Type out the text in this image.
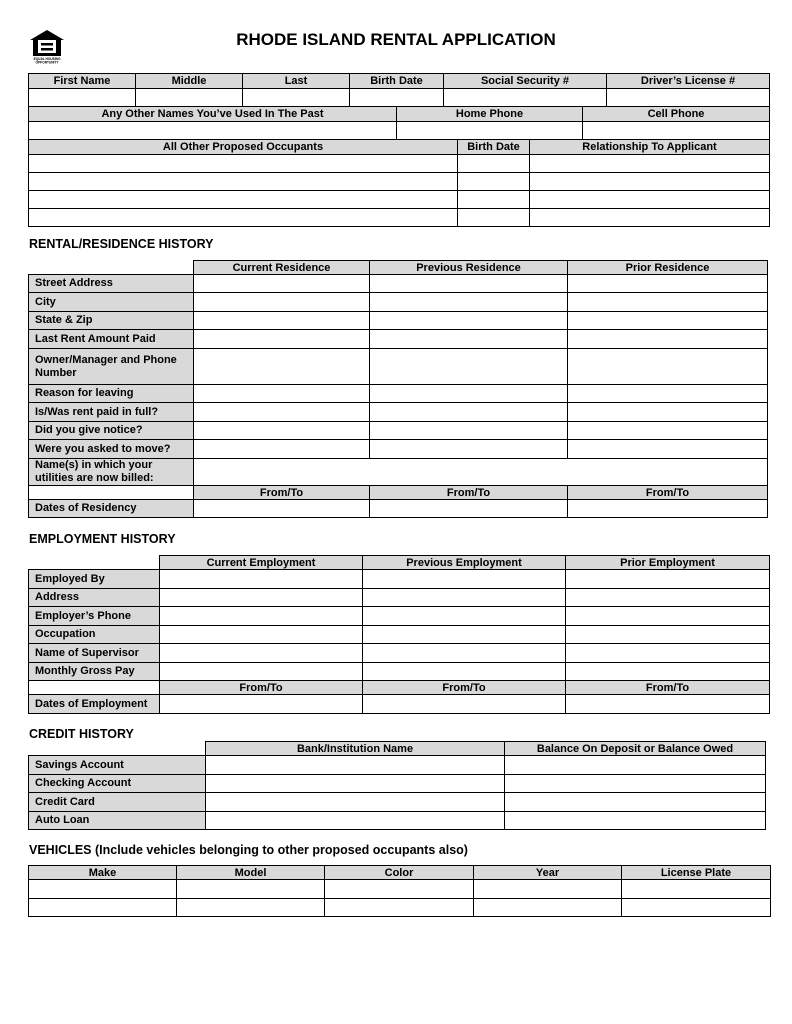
EQUAL HOUSING
OPPORTUNITY
RHODE ISLAND RENTAL APPLICATION
First Name	Middle	Last	Birth Date	Social Security #	Driver’s License #

Any Other Names You’ve Used In The Past	Home Phone	Cell Phone

All Other Proposed Occupants	Birth Date	Relationship To Applicant

RENTAL/RESIDENCE HISTORY
	Current Residence	Previous Residence	Prior Residence
Street Address			
City			
State & Zip			
Last Rent Amount Paid			
Owner/Manager and Phone Number			
Reason for leaving			
Is/Was rent paid in full?			
Did you give notice?			
Were you asked to move?			
Name(s) in which your utilities are now billed:			
	From/To	From/To	From/To
Dates of Residency			
EMPLOYMENT HISTORY
	Current Employment	Previous Employment	Prior Employment
Employed By			
Address			
Employer’s Phone			
Occupation			
Name of Supervisor			
Monthly Gross Pay			
	From/To	From/To	From/To
Dates of Employment			
CREDIT HISTORY
	Bank/Institution Name	Balance On Deposit or Balance Owed
Savings Account		
Checking Account		
Credit Card		
Auto Loan		
VEHICLES (Include vehicles belonging to other proposed occupants also)
Make	Model	Color	Year	License Plate
